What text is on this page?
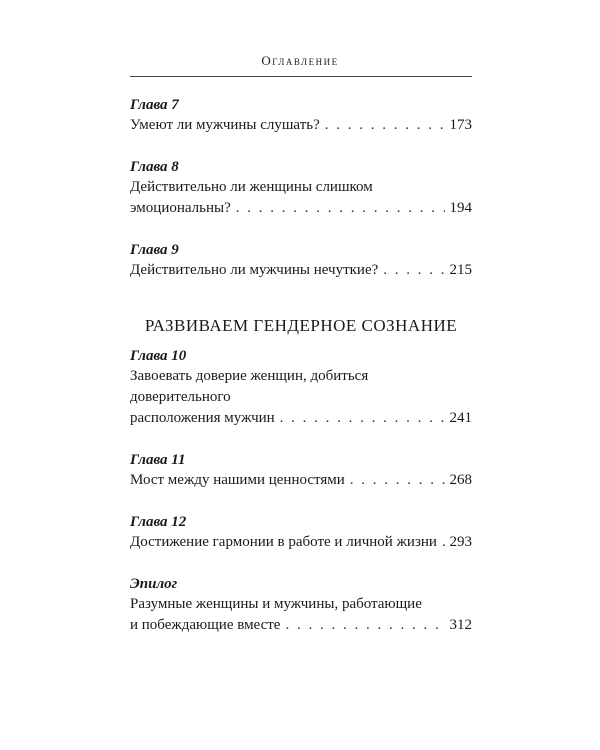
Оглавление
Глава 7
Умеют ли мужчины слушать? . . .	173
Глава 8
Действительно ли женщины слишком
эмоциональны? . . .	194
Глава 9
Действительно ли мужчины нечуткие? . . .	215
РАЗВИВАЕМ ГЕНДЕРНОЕ СОЗНАНИЕ
Глава 10
Завоевать доверие женщин, добиться доверительного
расположения мужчин . . .	241
Глава 11
Мост между нашими ценностями . . .	268
Глава 12
Достижение гармонии в работе и личной жизни . . . 293
Эпилог
Разумные женщины и мужчины, работающие
и побеждающие вместе . . .	312
